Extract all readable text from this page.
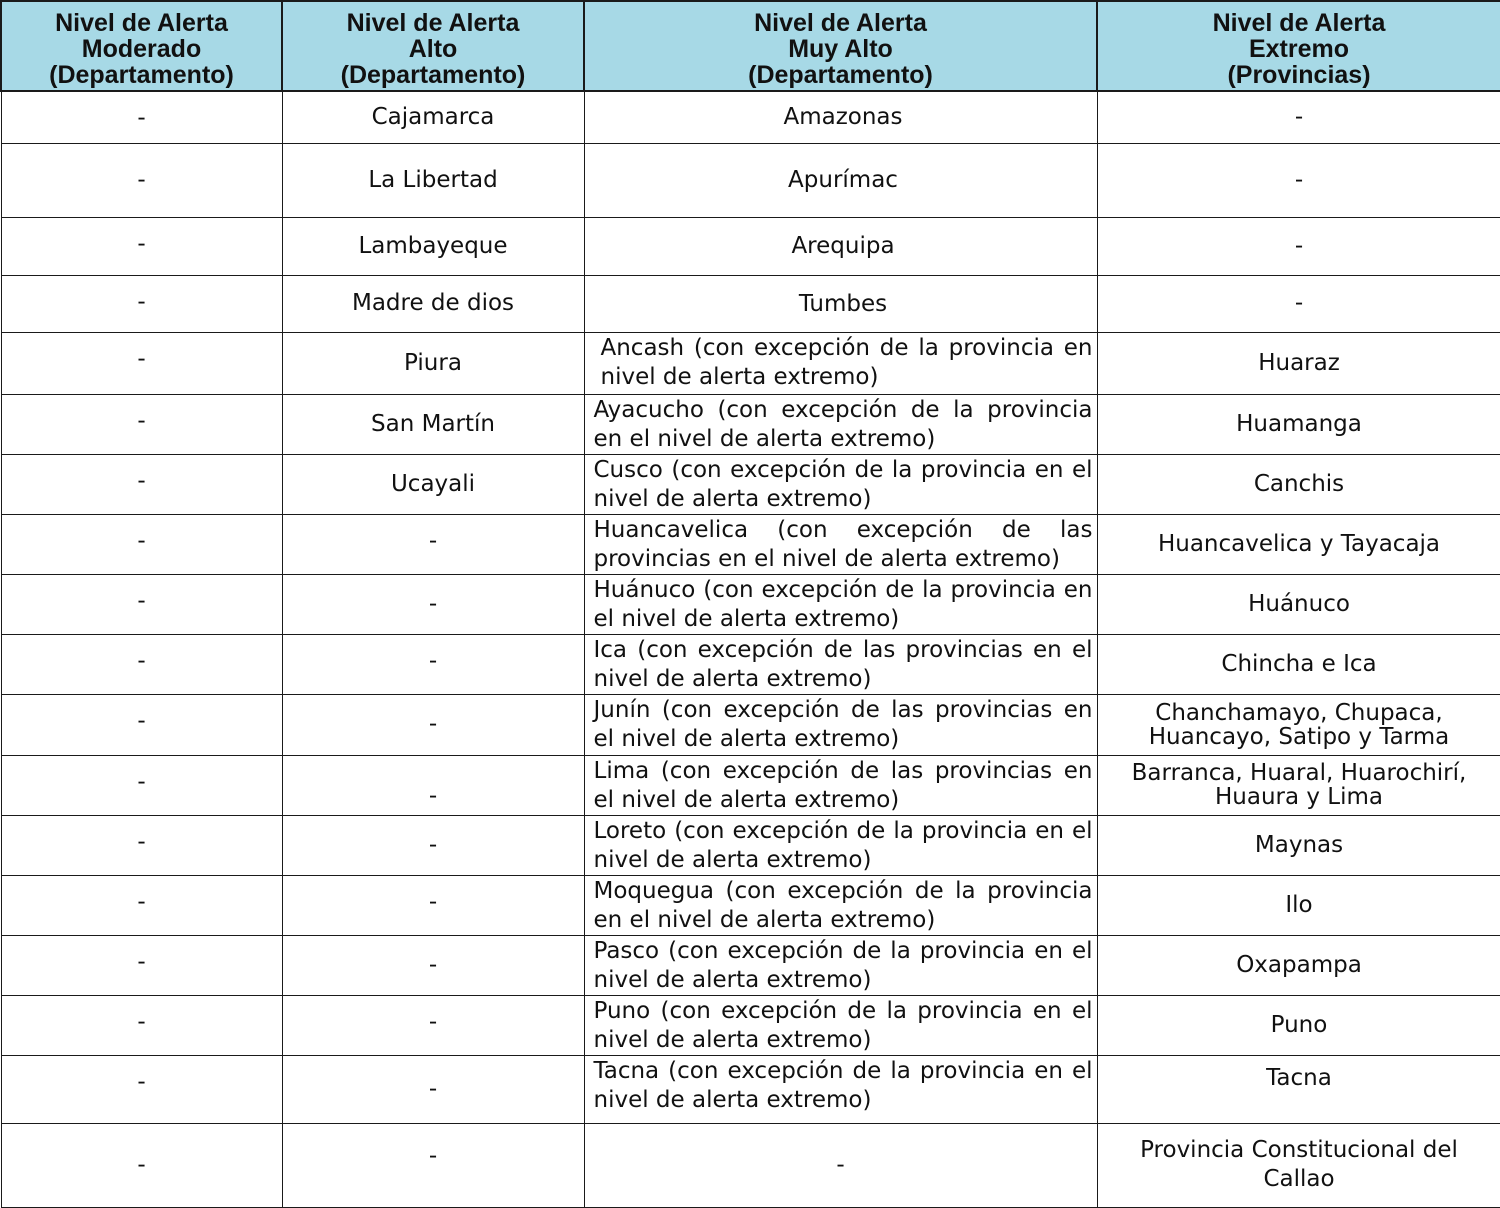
Nivel de Alerta
Moderado
(Departamento)	Nivel de Alerta
Alto
(Departamento)	Nivel de Alerta
Muy Alto
(Departamento)	Nivel de Alerta
Extremo
(Provincias)

-	Cajamarca	Amazonas	-
-	La Libertad	Apurímac	-
-	Lambayeque	Arequipa	-
-	Madre de dios	Tumbes	-
-	Piura	Ancash (con excepción de la provincia en nivel de alerta extremo)	Huaraz
-	San Martín	Ayacucho (con excepción de la provincia en el nivel de alerta extremo)	Huamanga
-	Ucayali	Cusco (con excepción de la provincia en el nivel de alerta extremo)	Canchis
-	-	Huancavelica (con excepción de las provincias en el nivel de alerta extremo)	Huancavelica y Tayacaja
-	-	Huánuco (con excepción de la provincia en el nivel de alerta extremo)	Huánuco
-	-	Ica (con excepción de las provincias en el nivel de alerta extremo)	Chincha e Ica
-	-	Junín (con excepción de las provincias en el nivel de alerta extremo)	Chanchamayo, Chupaca, Huancayo, Satipo y Tarma
-	-	Lima (con excepción de las provincias en el nivel de alerta extremo)	Barranca, Huaral, Huarochirí, Huaura y Lima
-	-	Loreto (con excepción de la provincia en el nivel de alerta extremo)	Maynas
-	-	Moquegua (con excepción de la provincia en el nivel de alerta extremo)	Ilo
-	-	Pasco (con excepción de la provincia en el nivel de alerta extremo)	Oxapampa
-	-	Puno (con excepción de la provincia en el nivel de alerta extremo)	Puno
-	-	Tacna (con excepción de la provincia en el nivel de alerta extremo)	Tacna
-	-	-	Provincia Constitucional del Callao
